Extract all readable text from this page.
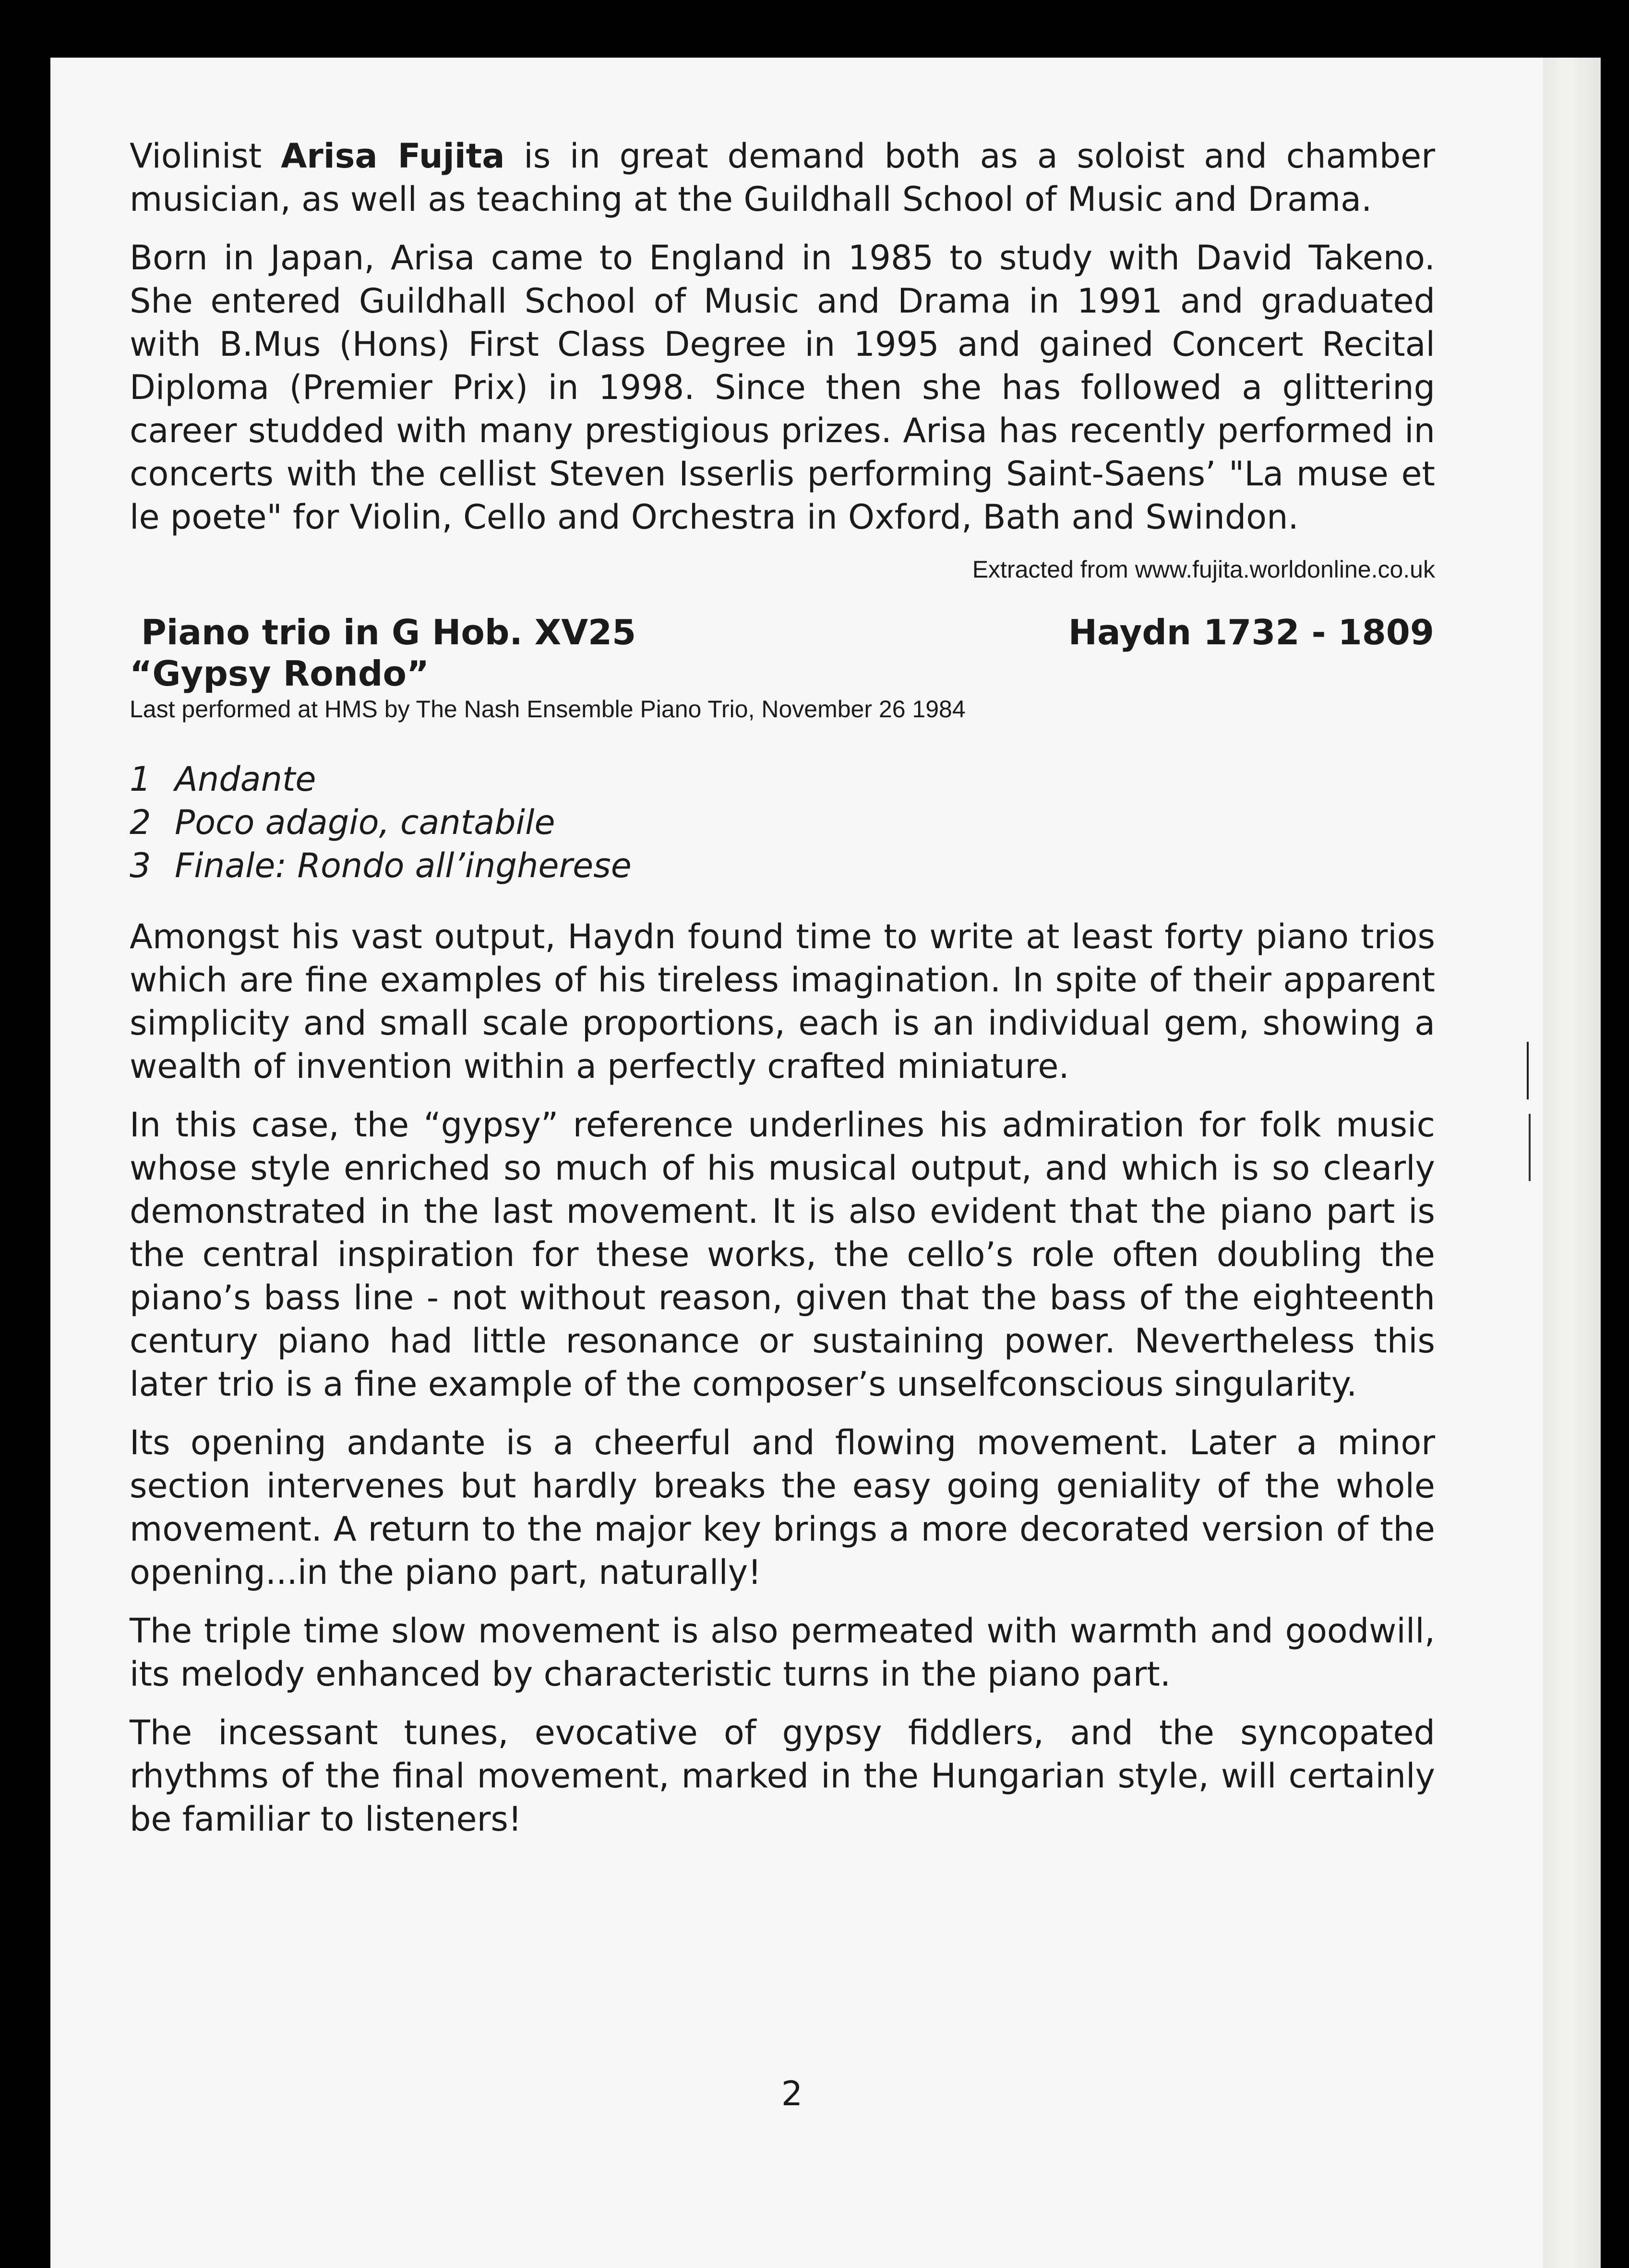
Violinist Arisa Fujita is in great demand both as a soloist and chamber musician, as well as teaching at the Guildhall School of Music and Drama.

Born in Japan, Arisa came to England in 1985 to study with David Takeno. She entered Guildhall School of Music and Drama in 1991 and graduated with B.Mus (Hons) First Class Degree in 1995 and gained Concert Recital Diploma (Premier Prix) in 1998. Since then she has followed a glittering career studded with many prestigious prizes. Arisa has recently performed in concerts with the cellist Steven Isserlis performing Saint-Saens’ "La muse et le poete" for Violin, Cello and Orchestra in Oxford, Bath and Swindon.

Extracted from www.fujita.worldonline.co.uk
Piano trio in G Hob. XV25	Haydn 1732 - 1809
“Gypsy Rondo”
Last performed at HMS by The Nash Ensemble Piano Trio, November 26 1984
1 Andante
2 Poco adagio, cantabile
3 Finale: Rondo all’ingherese

Amongst his vast output, Haydn found time to write at least forty piano trios which are fine examples of his tireless imagination. In spite of their apparent simplicity and small scale proportions, each is an individual gem, showing a wealth of invention within a perfectly crafted miniature.

In this case, the “gypsy” reference underlines his admiration for folk music whose style enriched so much of his musical output, and which is so clearly demonstrated in the last movement. It is also evident that the piano part is the central inspiration for these works, the cello’s role often doubling the piano’s bass line - not without reason, given that the bass of the eighteenth century piano had little resonance or sustaining power. Nevertheless this later trio is a fine example of the composer’s unselfconscious singularity.

Its opening andante is a cheerful and flowing movement. Later a minor section intervenes but hardly breaks the easy going geniality of the whole movement. A return to the major key brings a more decorated version of the opening...in the piano part, naturally!

The triple time slow movement is also permeated with warmth and goodwill, its melody enhanced by characteristic turns in the piano part.

The incessant tunes, evocative of gypsy fiddlers, and the syncopated rhythms of the final movement, marked in the Hungarian style, will certainly be familiar to listeners!

2
